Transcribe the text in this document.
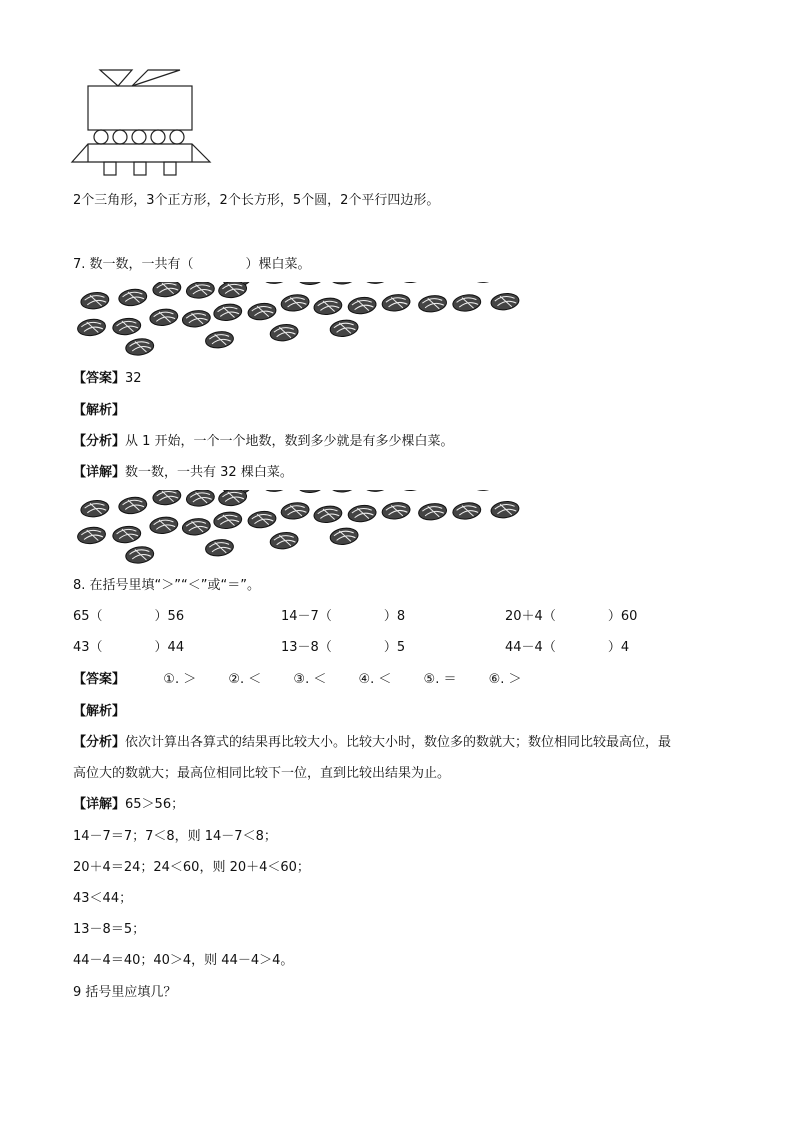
2个三角形，3个正方形，2个长方形，5个圆，2个平行四边形。
7. 数一数，一共有（　　　　）棵白菜。
【答案】32
【解析】
【分析】从 1 开始，一个一个地数，数到多少就是有多少棵白菜。
【详解】数一数，一共有 32 棵白菜。
8. 在括号里填“＞”“＜”或“＝”。
65（	）56	14－7（	）8	20＋4（	）60
43（	）44	13－8（	）5	44－4（	）4
【答案】	①. ＞ ②. ＜ ③. ＜ ④. ＜ ⑤. ＝ ⑥. ＞
【解析】
【分析】依次计算出各算式的结果再比较大小。比较大小时，数位多的数就大；数位相同比较最高位，最
高位大的数就大；最高位相同比较下一位，直到比较出结果为止。
【详解】65＞56；
14－7＝7；7＜8，则 14－7＜8；
20＋4＝24；24＜60，则 20＋4＜60；
43＜44；
13－8＝5；
44－4＝40；40＞4，则 44－4＞4。
9 括号里应填几？
